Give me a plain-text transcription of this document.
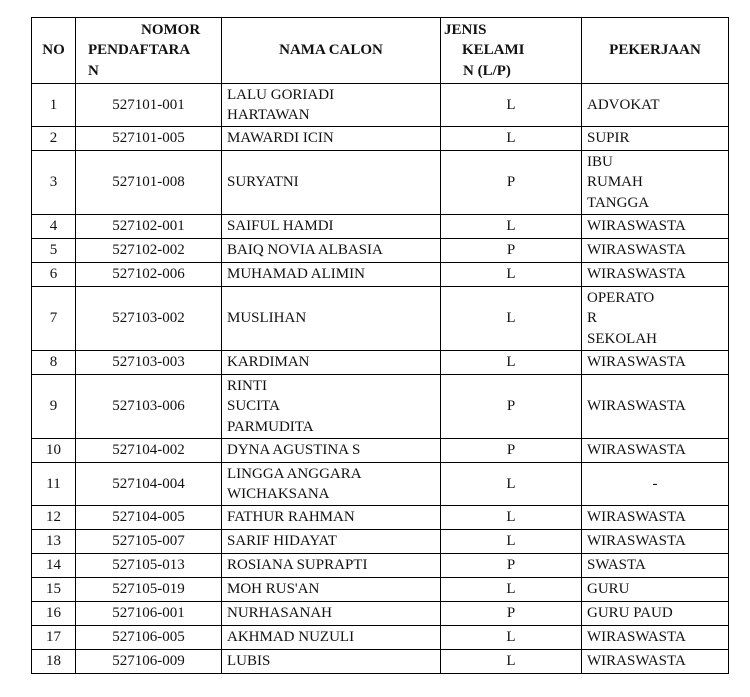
NO	NOMOR
PENDAFTARA
N	NAMA CALON	JENIS
KELAMI
N (L/P)	PEKERJAAN
1	527101-001	LALU GORIADI
HARTAWAN	L	ADVOKAT
2	527101-005	MAWARDI ICIN	L	SUPIR
3	527101-008	SURYATNI	P	IBU
RUMAH
TANGGA
4	527102-001	SAIFUL HAMDI	L	WIRASWASTA
5	527102-002	BAIQ NOVIA ALBASIA	P	WIRASWASTA
6	527102-006	MUHAMAD ALIMIN	L	WIRASWASTA
7	527103-002	MUSLIHAN	L	OPERATO
R
SEKOLAH
8	527103-003	KARDIMAN	L	WIRASWASTA
9	527103-006	RINTI
SUCITA
PARMUDITA	P	WIRASWASTA
10	527104-002	DYNA AGUSTINA S	P	WIRASWASTA
11	527104-004	LINGGA ANGGARA
WICHAKSANA	L	-
12	527104-005	FATHUR RAHMAN	L	WIRASWASTA
13	527105-007	SARIF HIDAYAT	L	WIRASWASTA
14	527105-013	ROSIANA SUPRAPTI	P	SWASTA
15	527105-019	MOH RUS'AN	L	GURU
16	527106-001	NURHASANAH	P	GURU PAUD
17	527106-005	AKHMAD NUZULI	L	WIRASWASTA
18	527106-009	LUBIS	L	WIRASWASTA
